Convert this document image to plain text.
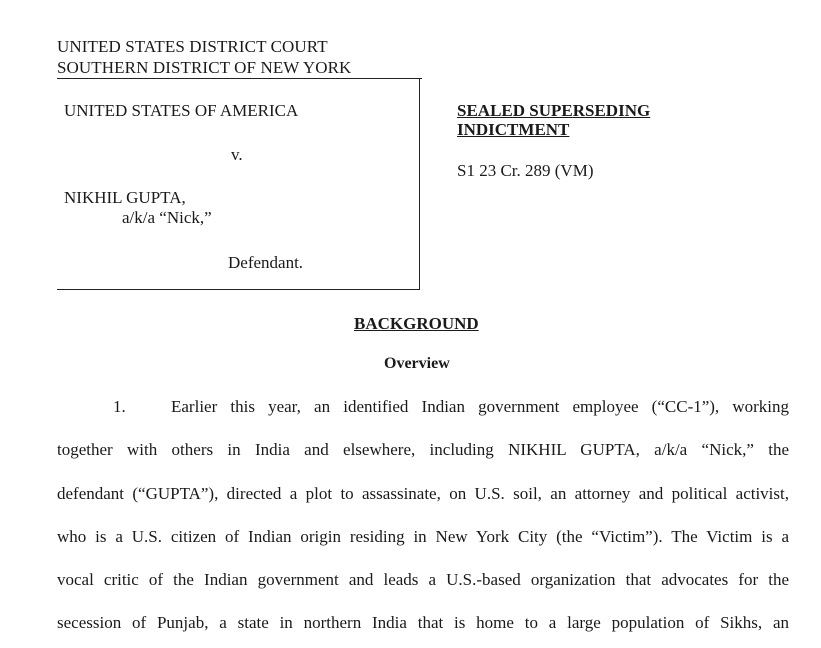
UNITED STATES DISTRICT COURT
SOUTHERN DISTRICT OF NEW YORK
UNITED STATES OF AMERICA
v.
NIKHIL GUPTA,
a/k/a “Nick,”
Defendant.
SEALED SUPERSEDING
INDICTMENT
S1 23 Cr. 289 (VM)
BACKGROUND
Overview
1.	Earlier this year, an identified Indian government employee (“CC-1”), working
together with others in India and elsewhere, including NIKHIL GUPTA, a/k/a “Nick,” the
defendant (“GUPTA”), directed a plot to assassinate, on U.S. soil, an attorney and political activist,
who is a U.S. citizen of Indian origin residing in New York City (the “Victim”). The Victim is a
vocal critic of the Indian government and leads a U.S.-based organization that advocates for the
secession of Punjab, a state in northern India that is home to a large population of Sikhs, an
